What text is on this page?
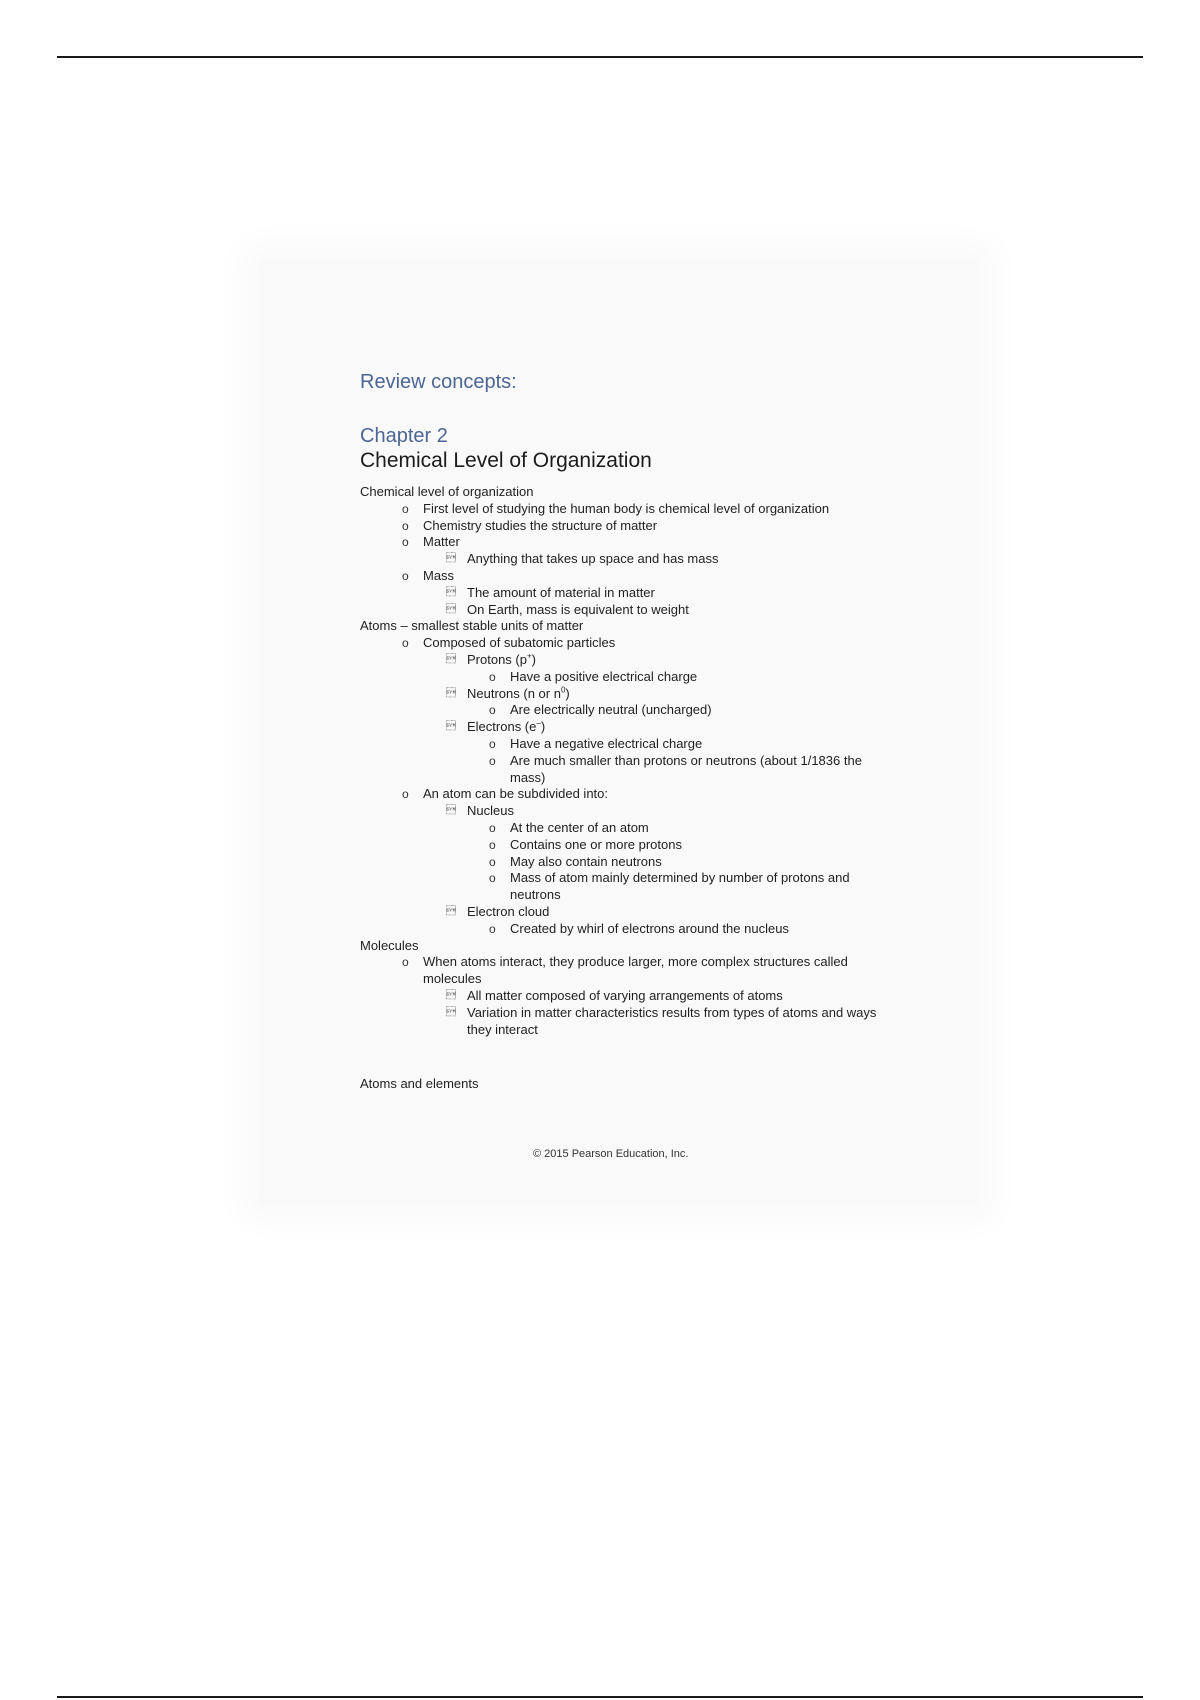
Review concepts:
Chapter 2
Chemical Level of Organization
Chemical level of organization
o First level of studying the human body is chemical level of organization
o Chemistry studies the structure of matter
o Matter
 Anything that takes up space and has mass
o Mass
 The amount of material in matter
 On Earth, mass is equivalent to weight
Atoms – smallest stable units of matter
o Composed of subatomic particles
 Protons (p+)
o Have a positive electrical charge
 Neutrons (n or $n^0$)
o Are electrically neutral (uncharged)
 Electrons (e–)
o Have a negative electrical charge
o Are much smaller than protons or neutrons (about 1/1836 the mass)
o An atom can be subdivided into:
 Nucleus
o At the center of an atom
o Contains one or more protons
o May also contain neutrons
o Mass of atom mainly determined by number of protons and neutrons
 Electron cloud
o Created by whirl of electrons around the nucleus
Molecules
o When atoms interact, they produce larger, more complex structures called molecules
 All matter composed of varying arrangements of atoms
 Variation in matter characteristics results from types of atoms and ways they interact
Atoms and elements
© 2015 Pearson Education, Inc.
